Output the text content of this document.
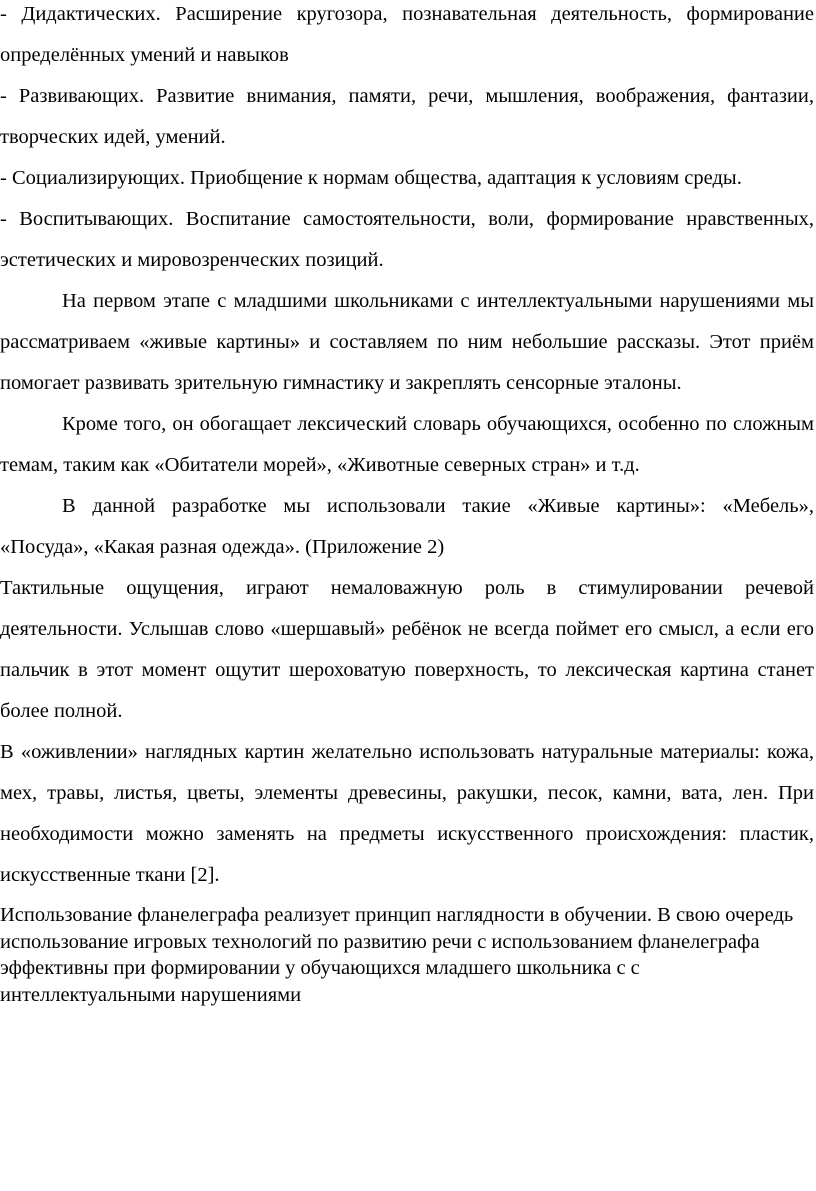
- Дидактических. Расширение кругозора, познавательная деятельность, формирование определённых умений и навыков

- Развивающих. Развитие внимания, памяти, речи, мышления, воображения, фантазии, творческих идей, умений.

- Социализирующих. Приобщение к нормам общества, адаптация к условиям среды.

- Воспитывающих. Воспитание самостоятельности, воли, формирование нравственных, эстетических и мировозренческих позиций.

На первом этапе с младшими школьниками с интеллектуальными нарушениями мы рассматриваем «живые картины» и составляем по ним небольшие рассказы. Этот приём помогает развивать зрительную гимнастику и закреплять сенсорные эталоны.

Кроме того, он обогащает лексический словарь обучающихся, особенно по сложным темам, таким как «Обитатели морей», «Животные северных стран» и т.д.

В данной разработке мы использовали такие «Живые картины»: «Мебель», «Посуда», «Какая разная одежда». (Приложение 2)

Тактильные ощущения, играют немаловажную роль в стимулировании речевой деятельности. Услышав слово «шершавый» ребёнок не всегда поймет его смысл, а если его пальчик в этот момент ощутит шероховатую поверхность, то лексическая картина станет более полной.

В «оживлении» наглядных картин желательно использовать натуральные материалы: кожа, мех, травы, листья, цветы, элементы древесины, ракушки, песок, камни, вата, лен. При необходимости можно заменять на предметы искусственного происхождения: пластик, искусственные ткани [2].

Использование фланелеграфа реализует принцип наглядности в обучении. В свою очередь использование игровых технологий по развитию речи с использованием фланелеграфа эффективны при формировании у обучающихся младшего школьника с с интеллектуальными нарушениями
